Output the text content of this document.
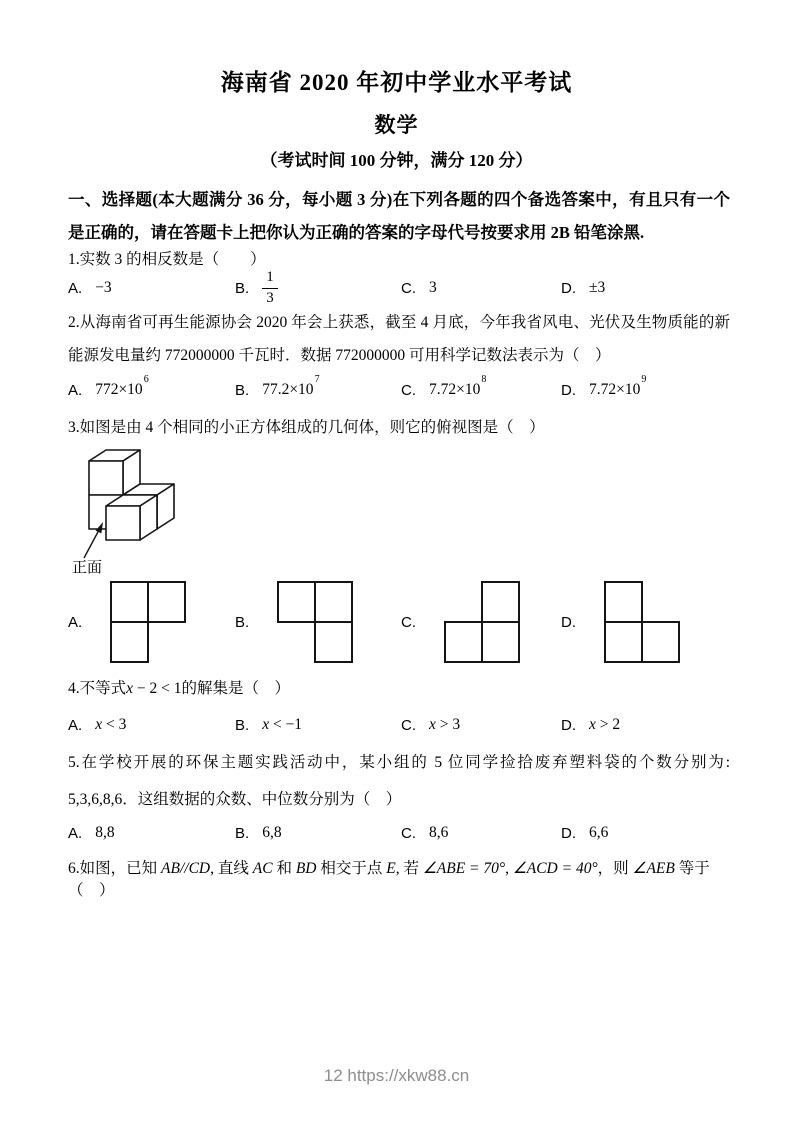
海南省 2020 年初中学业水平考试
数学
（考试时间 100 分钟，满分 120 分）
一、选择题(本大题满分 36 分，每小题 3 分)在下列各题的四个备选答案中，有且只有一个是正确的，请在答题卡上把你认为正确的答案的字母代号按要求用 2B 铅笔涂黑.
1.实数 3 的相反数是（　　）
A. −3	B. $\frac{1}{3}$	C. 3	D. ±3
2.从海南省可再生能源协会 2020 年会上获悉，截至 4 月底，今年我省风电、光伏及生物质能的新能源发电量约 772000000 千瓦时．数据 772000000 可用科学记数法表示为（　）
A. $772\times 10^6$
B. $77.2\times 10^7$
C. $7.72\times 10^8$
D. $7.72\times 10^9$
3.如图是由 4 个相同的小正方体组成的几何体，则它的俯视图是（　）
正面
A.	B.	C.	D.
4.不等式x − 2 < 1的解集是（　）
A. x < 3	B. x < −1	C. x > 3	D. x > 2
5.在学校开展的环保主题实践活动中，某小组的 5 位同学捡拾废弃塑料袋的个数分别为: 5,3,6,8,6．这组数据的众数、中位数分别为（　）
A. 8,8	B. 6,8	C. 8,6	D. 6,6
6.如图，已知 AB//CD, 直线 AC 和 BD 相交于点 E, 若 ∠ABE = 70°, ∠ACD = 40°，则 ∠AEB 等于（　）
12 https://xkw88.cn
